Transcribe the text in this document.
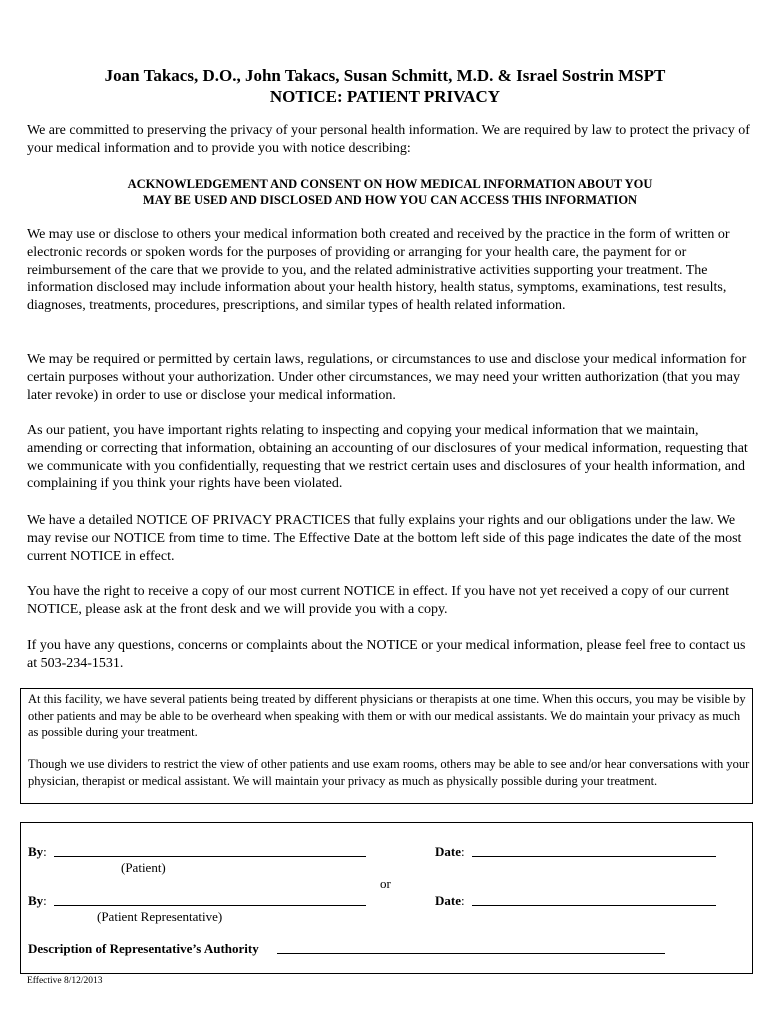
Joan Takacs, D.O., John Takacs, Susan Schmitt, M.D. & Israel Sostrin MSPT
NOTICE: PATIENT PRIVACY
We are committed to preserving the privacy of your personal health information. We are required by law to protect the privacy of your medical information and to provide you with notice describing:
ACKNOWLEDGEMENT AND CONSENT ON HOW MEDICAL INFORMATION ABOUT YOU
MAY BE USED AND DISCLOSED AND HOW YOU CAN ACCESS THIS INFORMATION
We may use or disclose to others your medical information both created and received by the practice in the form of written or electronic records or spoken words for the purposes of providing or arranging for your health care, the payment for or reimbursement of the care that we provide to you, and the related administrative activities supporting your treatment. The information disclosed may include information about your health history, health status, symptoms, examinations, test results, diagnoses, treatments, procedures, prescriptions, and similar types of health related information.
We may be required or permitted by certain laws, regulations, or circumstances to use and disclose your medical information for certain purposes without your authorization. Under other circumstances, we may need your written authorization (that you may later revoke) in order to use or disclose your medical information.
As our patient, you have important rights relating to inspecting and copying your medical information that we maintain, amending or correcting that information, obtaining an accounting of our disclosures of your medical information, requesting that we communicate with you confidentially, requesting that we restrict certain uses and disclosures of your health information, and complaining if you think your rights have been violated.
We have a detailed NOTICE OF PRIVACY PRACTICES that fully explains your rights and our obligations under the law. We may revise our NOTICE from time to time. The Effective Date at the bottom left side of this page indicates the date of the most current NOTICE in effect.
You have the right to receive a copy of our most current NOTICE in effect. If you have not yet received a copy of our current NOTICE, please ask at the front desk and we will provide you with a copy.
If you have any questions, concerns or complaints about the NOTICE or your medical information, please feel free to contact us at 503-234-1531.
At this facility, we have several patients being treated by different physicians or therapists at one time. When this occurs, you may be visible by other patients and may be able to be overheard when speaking with them or with our medical assistants. We do maintain your privacy as much as possible during your treatment.
Though we use dividers to restrict the view of other patients and use exam rooms, others may be able to see and/or hear conversations with your physician, therapist or medical assistant. We will maintain your privacy as much as physically possible during your treatment.
By:	Date:
(Patient)
or
By:	Date:
(Patient Representative)
Description of Representative’s Authority
Effective 8/12/2013
